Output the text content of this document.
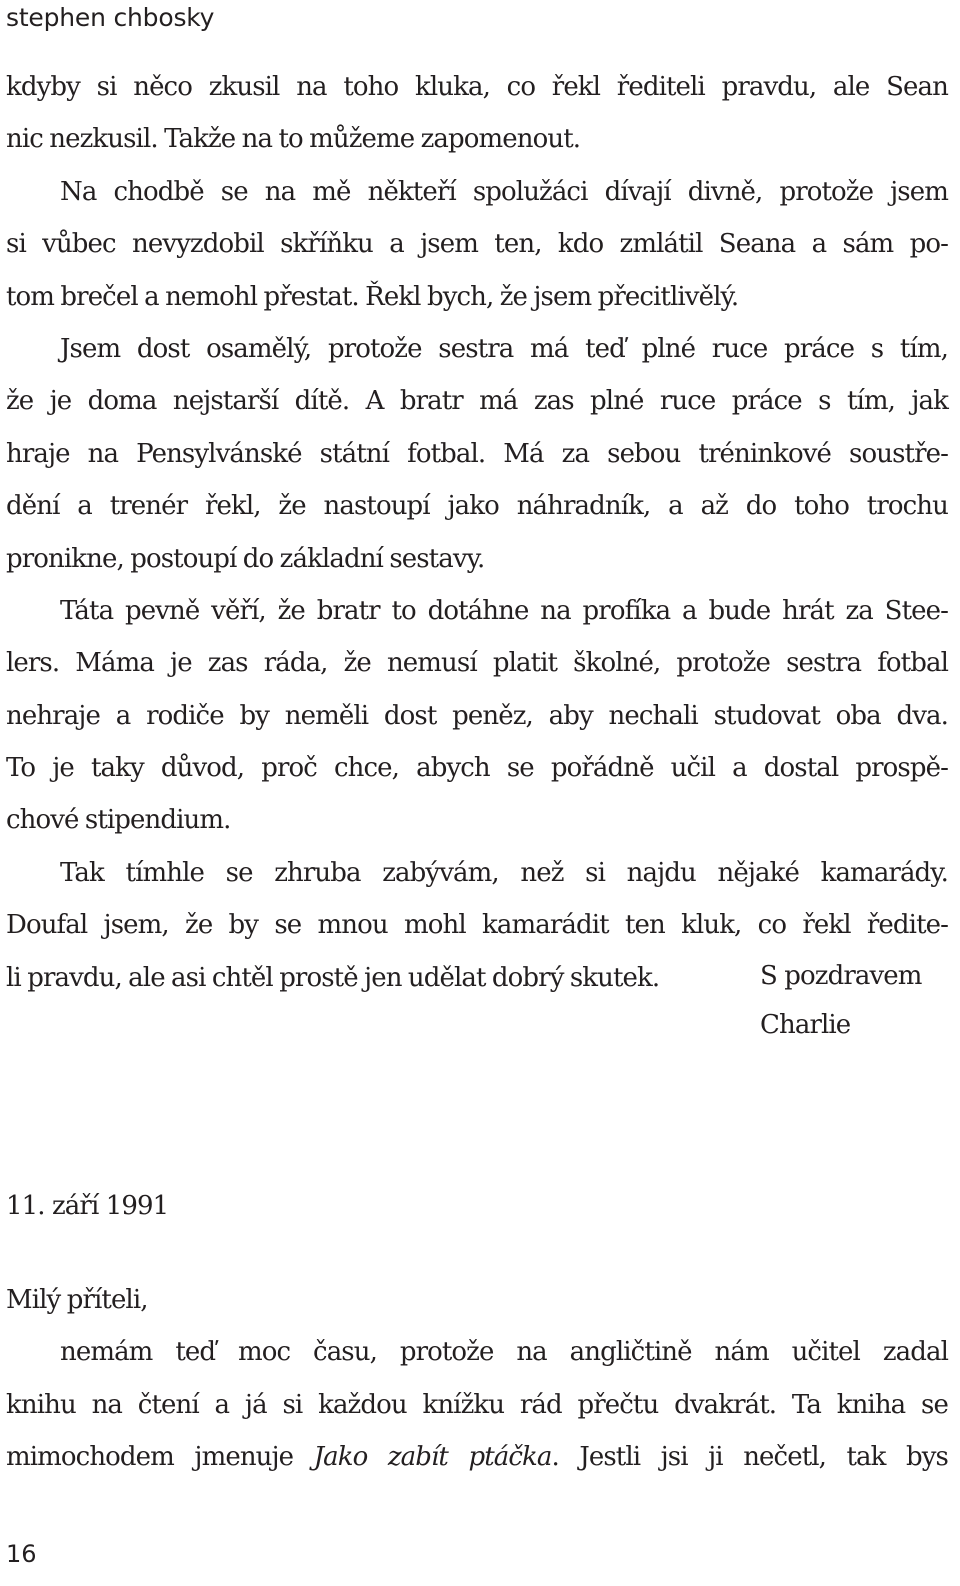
stephen chbosky
kdyby si něco zkusil na toho kluka, co řekl řediteli pravdu, ale Sean
nic nezkusil. Takže na to můžeme zapomenout.
Na chodbě se na mě někteří spolužáci dívají divně, protože jsem
si vůbec nevyzdobil skříňku a jsem ten, kdo zmlátil Seana a sám po-
tom brečel a nemohl přestat. Řekl bych, že jsem přecitlivělý.
Jsem dost osamělý, protože sestra má teď plné ruce práce s tím,
že je doma nejstarší dítě. A bratr má zas plné ruce práce s tím, jak
hraje na Pensylvánské státní fotbal. Má za sebou tréninkové soustře-
dění a trenér řekl, že nastoupí jako náhradník, a až do toho trochu
pronikne, postoupí do základní sestavy.
Táta pevně věří, že bratr to dotáhne na profíka a bude hrát za Stee-
lers. Máma je zas ráda, že nemusí platit školné, protože sestra fotbal
nehraje a rodiče by neměli dost peněz, aby nechali studovat oba dva.
To je taky důvod, proč chce, abych se pořádně učil a dostal prospě-
chové stipendium.
Tak tímhle se zhruba zabývám, než si najdu nějaké kamarády.
Doufal jsem, že by se mnou mohl kamarádit ten kluk, co řekl ředite-
li pravdu, ale asi chtěl prostě jen udělat dobrý skutek.	S pozdravem
Charlie
11. září 1991
Milý příteli,
nemám teď moc času, protože na angličtině nám učitel zadal
knihu na čtení a já si každou knížku rád přečtu dvakrát. Ta kniha se
mimochodem jmenuje Jako zabít ptáčka. Jestli jsi ji nečetl, tak bys
16
